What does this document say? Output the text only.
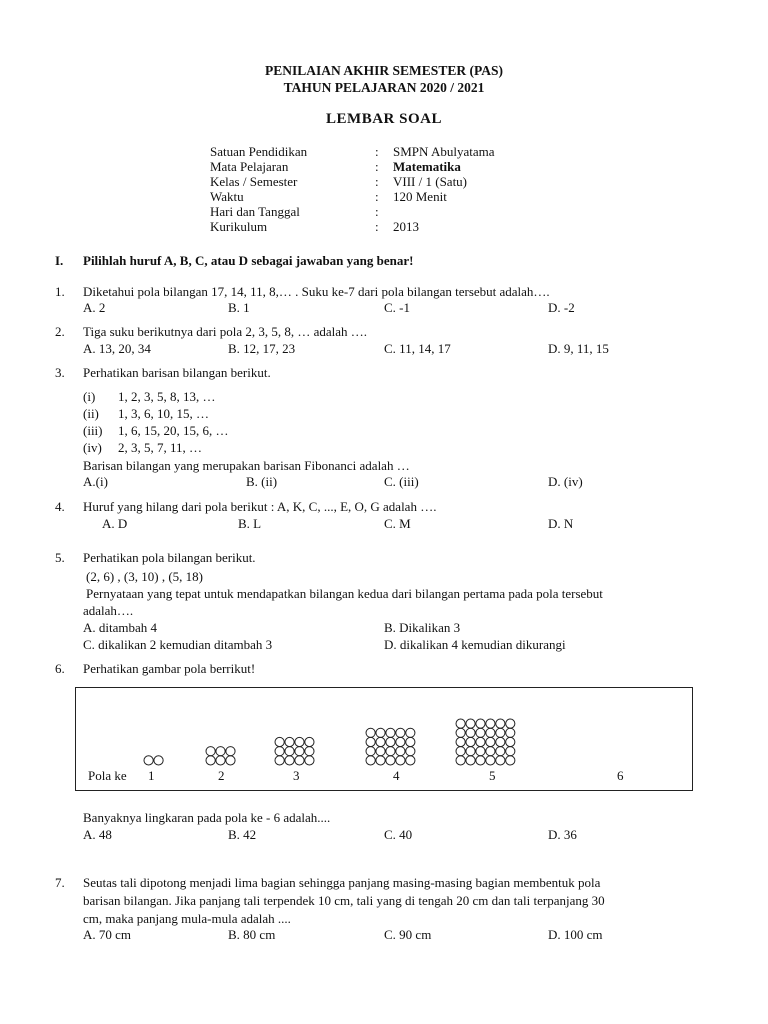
PENILAIAN AKHIR SEMESTER (PAS)
TAHUN PELAJARAN 2020 / 2021
LEMBAR SOAL
Satuan Pendidikan	: SMPN Abulyatama
Mata Pelajaran	: Matematika
Kelas / Semester	: VIII / 1 (Satu)
Waktu	: 120 Menit
Hari dan Tanggal	:
Kurikulum	: 2013
I. Pilihlah huruf A, B, C, atau D sebagai jawaban yang benar!
1. Diketahui pola bilangan 17, 14, 11, 8,… . Suku ke-7 dari pola bilangan tersebut adalah….
A. 2	B. 1	C. -1	D. -2
2. Tiga suku berikutnya dari pola 2, 3, 5, 8, … adalah ….
A. 13, 20, 34	B. 12, 17, 23	C. 11, 14, 17	D. 9, 11, 15
3. Perhatikan barisan bilangan berikut.
(i) 1, 2, 3, 5, 8, 13, …
(ii) 1, 3, 6, 10, 15, …
(iii) 1, 6, 15, 20, 15, 6, …
(iv) 2, 3, 5, 7, 11, …
Barisan bilangan yang merupakan barisan Fibonanci adalah …
A.(i)	B. (ii)	C. (iii)	D. (iv)
4. Huruf yang hilang dari pola berikut : A, K, C, ..., E, O, G adalah ….
A. D	B. L	C. M	D. N
5. Perhatikan pola bilangan berikut.
(2, 6) , (3, 10) , (5, 18)
Pernyataan yang tepat untuk mendapatkan bilangan kedua dari bilangan pertama pada pola tersebut
adalah….
A. ditambah 4	B. Dikalikan 3
C. dikalikan 2 kemudian ditambah 3	D. dikalikan 4 kemudian dikurangi
6. Perhatikan gambar pola berrikut!
Pola ke 1	2	3	4	5	6
Banyaknya lingkaran pada pola ke - 6 adalah....
A. 48	B. 42	C. 40	D. 36
7. Seutas tali dipotong menjadi lima bagian sehingga panjang masing-masing bagian membentuk pola
barisan bilangan. Jika panjang tali terpendek 10 cm, tali yang di tengah 20 cm dan tali terpanjang 30
cm, maka panjang mula-mula adalah ....
A. 70 cm	B. 80 cm	C. 90 cm	D. 100 cm
